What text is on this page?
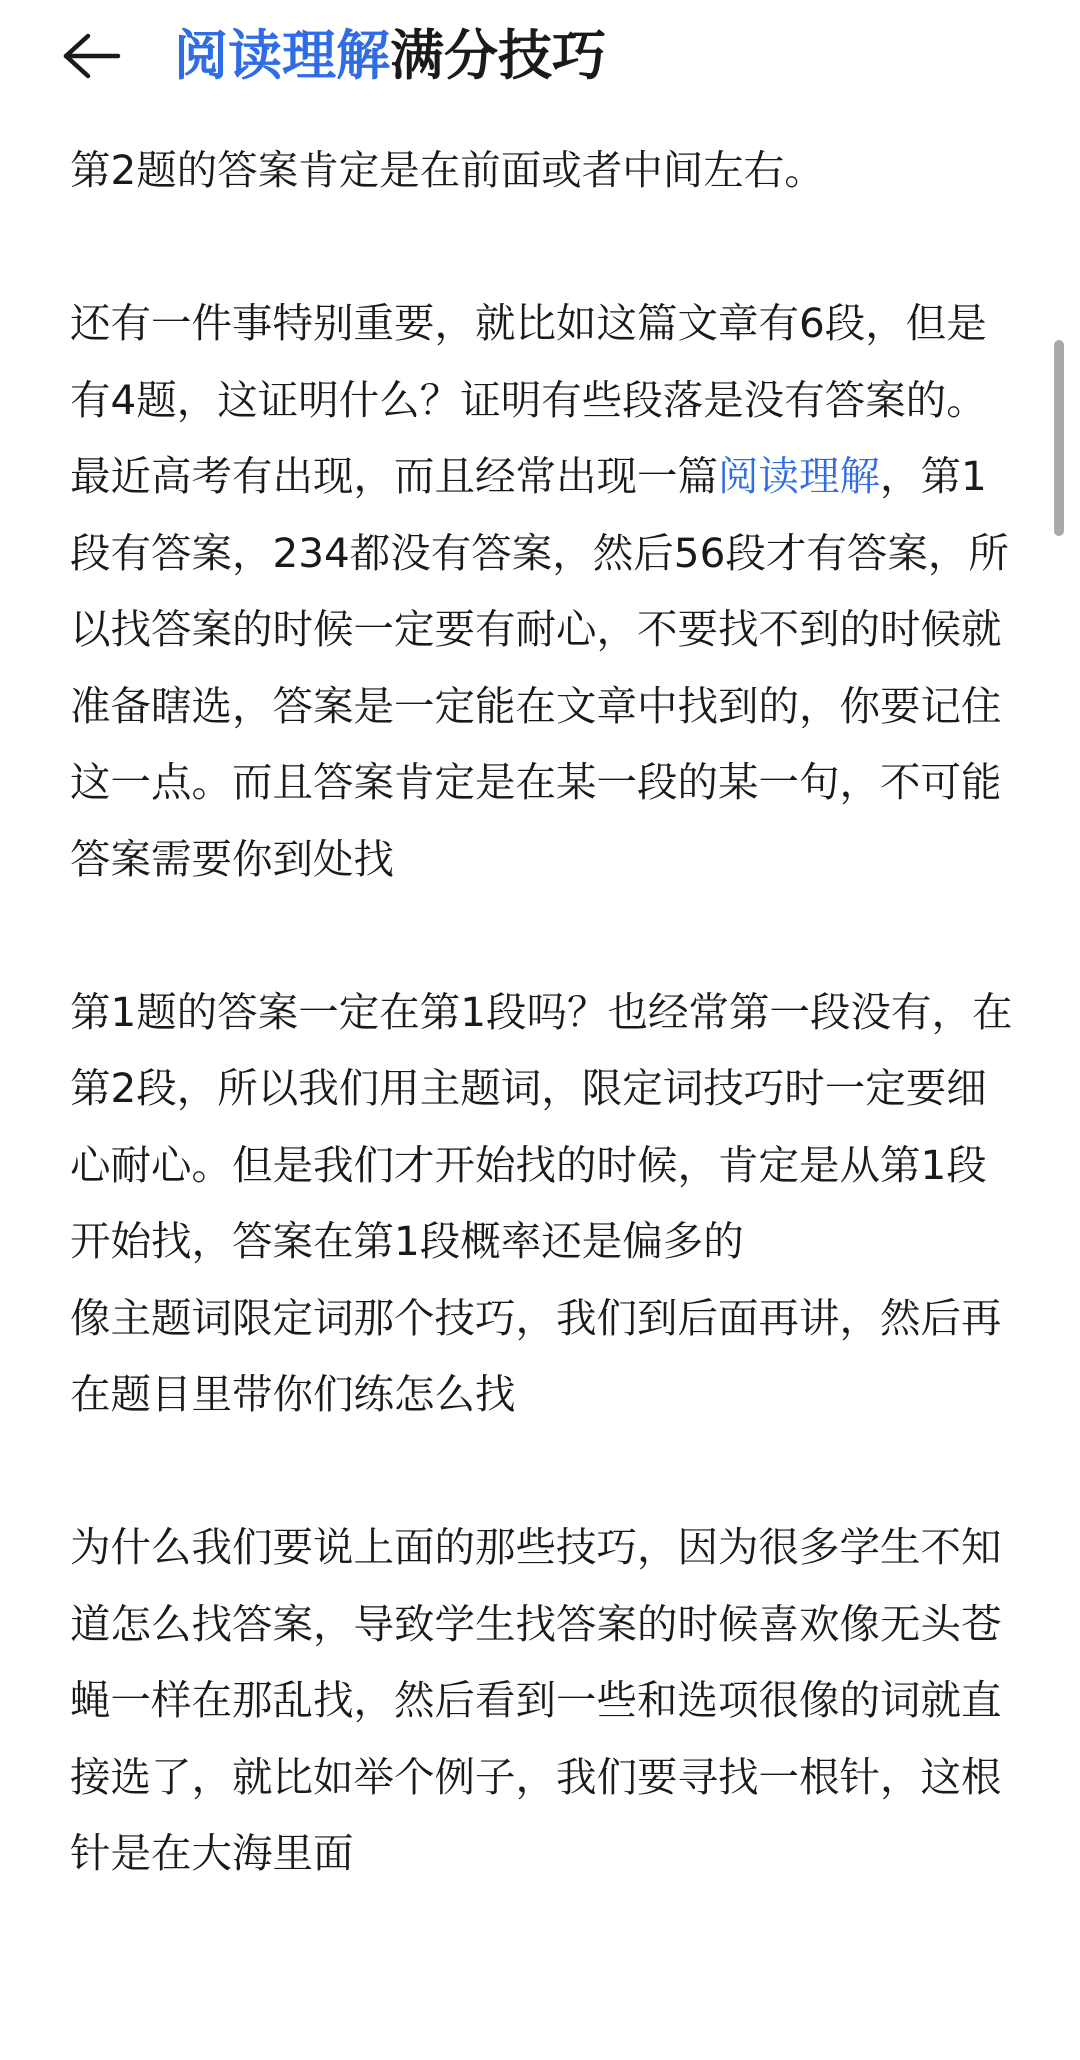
阅读理解满分技巧

第2题的答案肯定是在前面或者中间左右。

还有一件事特别重要，就比如这篇文章有6段，但是有4题，这证明什么？证明有些段落是没有答案的。最近高考有出现，而且经常出现一篇阅读理解，第1段有答案，234都没有答案，然后56段才有答案，所以找答案的时候一定要有耐心，不要找不到的时候就准备瞎选，答案是一定能在文章中找到的，你要记住这一点。而且答案肯定是在某一段的某一句，不可能答案需要你到处找

第1题的答案一定在第1段吗？也经常第一段没有，在第2段，所以我们用主题词，限定词技巧时一定要细心耐心。但是我们才开始找的时候，肯定是从第1段开始找，答案在第1段概率还是偏多的

像主题词限定词那个技巧，我们到后面再讲，然后再在题目里带你们练怎么找

为什么我们要说上面的那些技巧，因为很多学生不知道怎么找答案，导致学生找答案的时候喜欢像无头苍蝇一样在那乱找，然后看到一些和选项很像的词就直接选了，就比如举个例子，我们要寻找一根针，这根针是在大海里面
